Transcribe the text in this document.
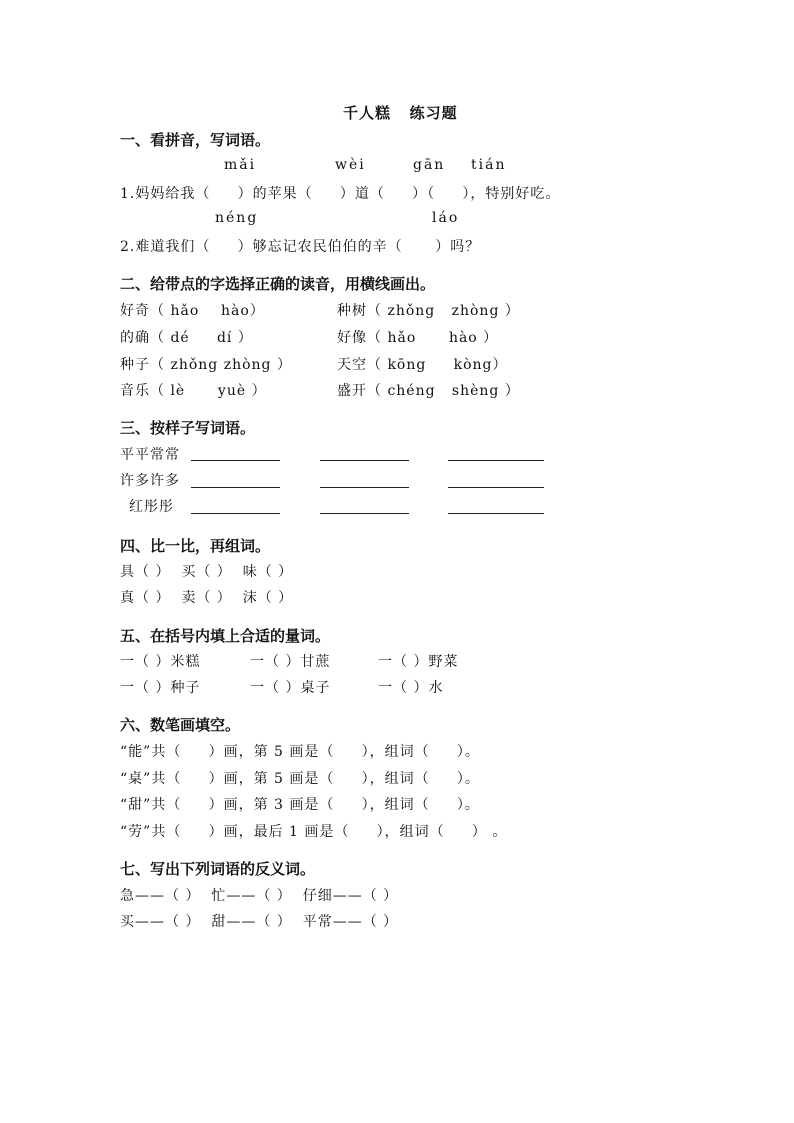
千人糕   练习题
一、看拼音，写词语。
mǎi	wèi	gān tián
1.妈妈给我（     ）的苹果（     ）道（     ）（     ），特别好吃。
néng	láo
2.难道我们（     ）够忘记农民伯伯的辛（      ）吗？
二、给带点的字选择正确的读音，用横线画出。
好奇（ hǎo    hào）	种树（ zhǒng   zhòng ）
的确（ dé     dí ）	好像（ hǎo      hào ）
种子（ zhǒng zhòng ）	天空（ kōng     kòng）
音乐（ lè      yuè ）	盛开（ chéng   shèng ）
三、按样子写词语。
平平常常
许多许多
红彤彤
四、比一比，再组词。
具（ ）  买（ ）  味（ ）
真（ ）  卖（ ）  沫（ ）
五、在括号内填上合适的量词。
一（ ）米糕	一（ ）甘蔗	一（ ）野菜
一（ ）种子	一（ ）桌子	一（ ）水
六、数笔画填空。
“能”共（     ）画，第 5 画是（     ），组词（     ）。
“桌”共（     ）画，第 5 画是（     ），组词（     ）。
“甜”共（     ）画，第 3 画是（     ），组词（     ）。
“劳”共（     ）画，最后 1 画是（     ），组词（     ） 。
七、写出下列词语的反义词。
急——（ ）  忙——（ ）  仔细——（ ）
买——（ ）  甜——（ ）  平常——（ ）
